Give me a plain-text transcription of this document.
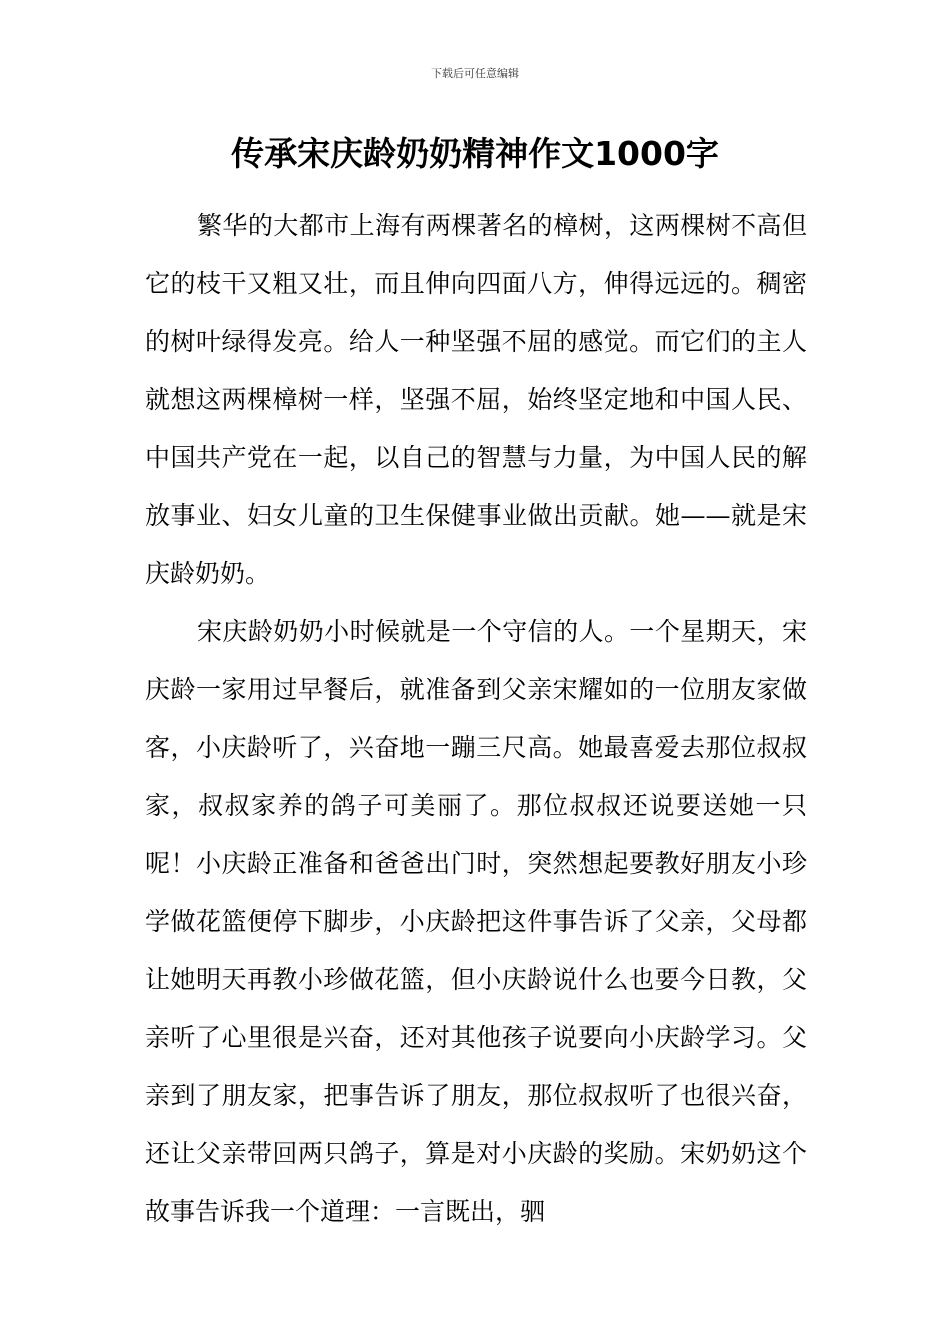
下载后可任意编辑
传承宋庆龄奶奶精神作文1000字

繁华的大都市上海有两棵著名的樟树，这两棵树不高但它的枝干又粗又壮，而且伸向四面八方，伸得远远的。稠密的树叶绿得发亮。给人一种坚强不屈的感觉。而它们的主人就想这两棵樟树一样，坚强不屈，始终坚定地和中国人民、中国共产党在一起，以自己的智慧与力量，为中国人民的解放事业、妇女儿童的卫生保健事业做出贡献。她——就是宋庆龄奶奶。

宋庆龄奶奶小时候就是一个守信的人。一个星期天，宋庆龄一家用过早餐后，就准备到父亲宋耀如的一位朋友家做客，小庆龄听了，兴奋地一蹦三尺高。她最喜爱去那位叔叔家，叔叔家养的鸽子可美丽了。那位叔叔还说要送她一只呢！小庆龄正准备和爸爸出门时，突然想起要教好朋友小珍学做花篮便停下脚步，小庆龄把这件事告诉了父亲，父母都让她明天再教小珍做花篮，但小庆龄说什么也要今日教，父亲听了心里很是兴奋，还对其他孩子说要向小庆龄学习。父亲到了朋友家，把事告诉了朋友，那位叔叔听了也很兴奋，还让父亲带回两只鸽子，算是对小庆龄的奖励。宋奶奶这个故事告诉我一个道理：一言既出，驷
